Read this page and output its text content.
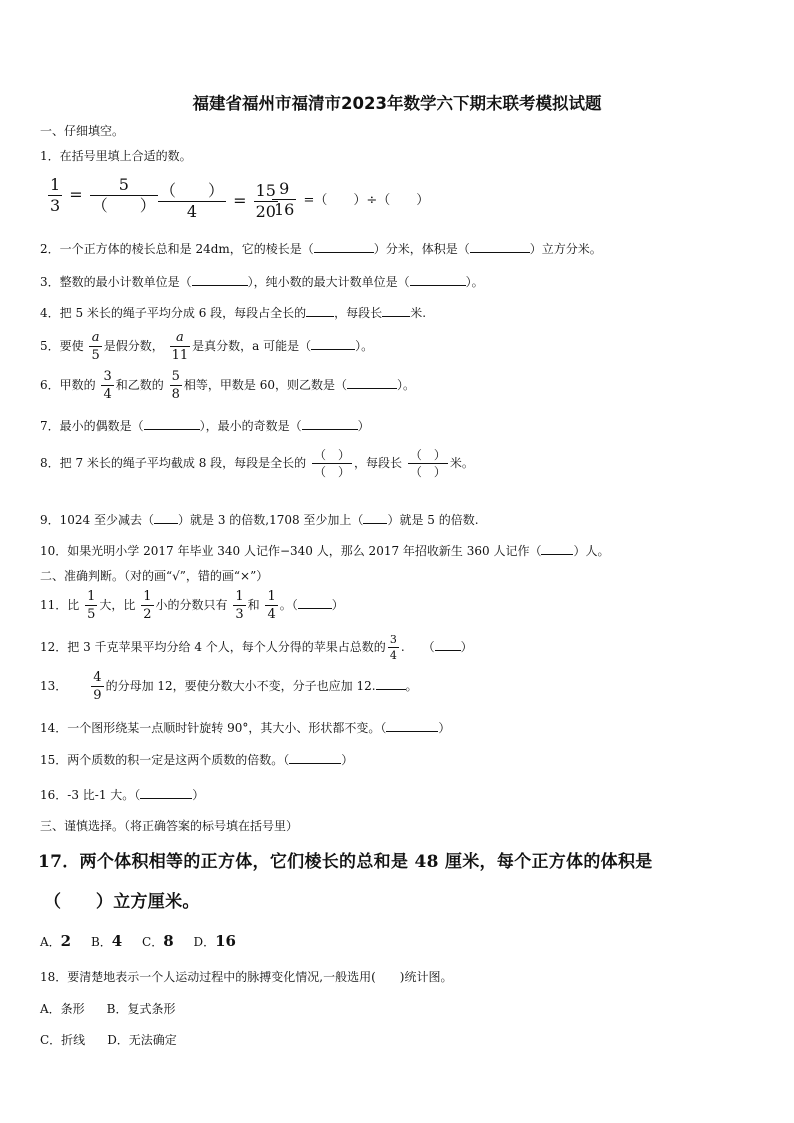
福建省福州市福清市2023年数学六下期末联考模拟试题
一、仔细填空。
1．在括号里填上合适的数。
$\frac{1}{3} = \frac{5}{( )} \frac{( )}{4} = \frac{15}{20}$
$\frac{9}{16}$ =（　　）÷（　　）
2．一个正方体的棱长总和是 24dm，它的棱长是（	）分米，体积是（	）立方分米。
3．整数的最小计数单位是（	），纯小数的最大计数单位是（	）。
4．把 5 米长的绳子平均分成 6 段，每段占全长的 ，每段长 米.
5．要使 $\frac{a}{5}$ 是假分数， $\frac{a}{11}$ 是真分数，a 可能是（	）。
6．甲数的 $\frac{3}{4}$ 和乙数的 $\frac{5}{8}$ 相等，甲数是 60，则乙数是（	）。
7．最小的偶数是（	），最小的奇数是（	）
8．把 7 米长的绳子平均截成 8 段，每段是全长的 $\frac{( )}{( )}$ ，每段长 $\frac{( )}{( )}$ 米。
9．1024 至少减去（ ）就是 3 的倍数,1708 至少加上（ ）就是 5 的倍数.
10．如果光明小学 2017 年毕业 340 人记作−340 人，那么 2017 年招收新生 360 人记作（	）人。
二、准确判断。（对的画“√”，错的画“×”）
11．比 $\frac{1}{5}$ 大，比 $\frac{1}{2}$ 小的分数只有 $\frac{1}{3}$ 和 $\frac{1}{4}$ 。（	）
12．把 3 千克苹果平均分给 4 个人，每个人分得的苹果占总数的 $\frac{3}{4}$ .　　（ ）
13． $\frac{4}{9}$ 的分母加 12，要使分数大小不变，分子也应加 12.	。
14．一个图形绕某一点顺时针旋转 90°，其大小、形状都不变。（	）
15．两个质数的积一定是这两个质数的倍数。（	）
16．-3 比-1 大。（	）
三、谨慎选择。（将正确答案的标号填在括号里）
17．两个体积相等的正方体，它们棱长的总和是 48 厘米，每个正方体的体积是
（　　）立方厘米。
A．2 B．4 C．8 D．16
18．要清楚地表示一个人运动过程中的脉搏变化情况,一般选用(　　)统计图。
A．条形 B．复式条形
C．折线 D．无法确定
